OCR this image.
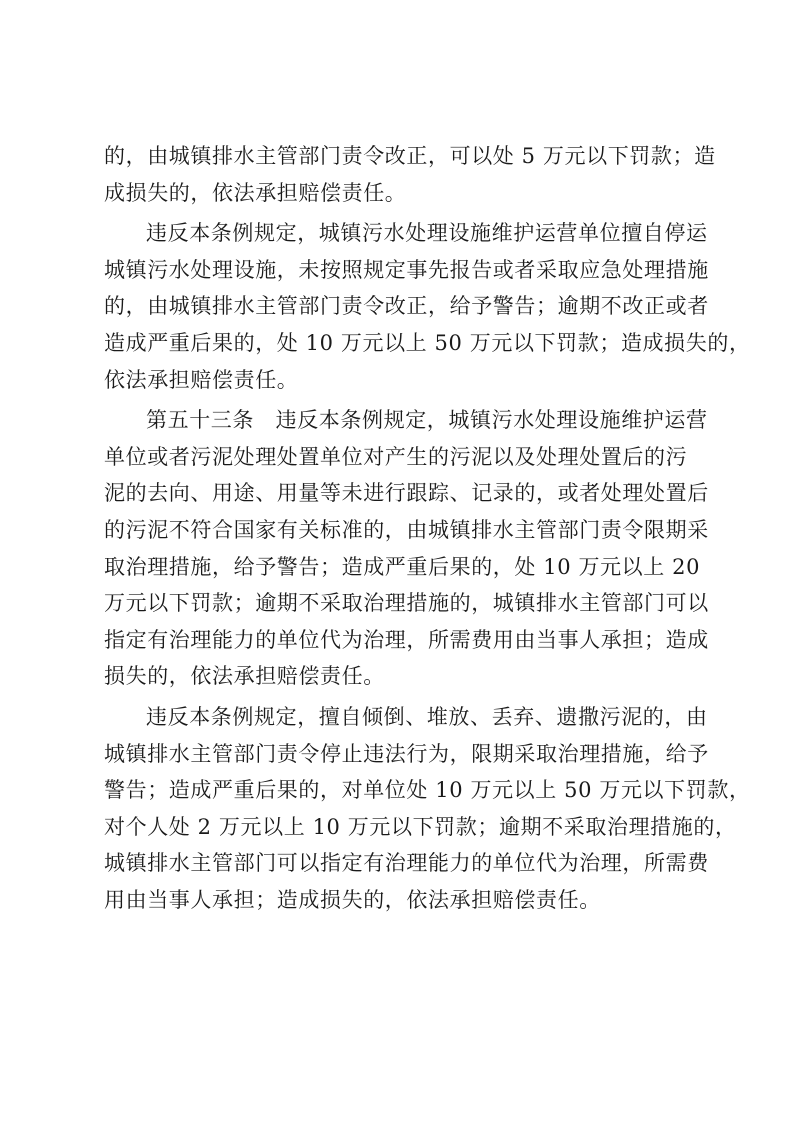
的，由城镇排水主管部门责令改正，可以处 5 万元以下罚款；造
成损失的，依法承担赔偿责任。
违反本条例规定，城镇污水处理设施维护运营单位擅自停运
城镇污水处理设施，未按照规定事先报告或者采取应急处理措施
的，由城镇排水主管部门责令改正，给予警告；逾期不改正或者
造成严重后果的，处 10 万元以上 50 万元以下罚款；造成损失的，
依法承担赔偿责任。
第五十三条　违反本条例规定，城镇污水处理设施维护运营
单位或者污泥处理处置单位对产生的污泥以及处理处置后的污
泥的去向、用途、用量等未进行跟踪、记录的，或者处理处置后
的污泥不符合国家有关标准的，由城镇排水主管部门责令限期采
取治理措施，给予警告；造成严重后果的，处 10 万元以上 20
万元以下罚款；逾期不采取治理措施的，城镇排水主管部门可以
指定有治理能力的单位代为治理，所需费用由当事人承担；造成
损失的，依法承担赔偿责任。
违反本条例规定，擅自倾倒、堆放、丢弃、遗撒污泥的，由
城镇排水主管部门责令停止违法行为，限期采取治理措施，给予
警告；造成严重后果的，对单位处 10 万元以上 50 万元以下罚款，
对个人处 2 万元以上 10 万元以下罚款；逾期不采取治理措施的，
城镇排水主管部门可以指定有治理能力的单位代为治理，所需费
用由当事人承担；造成损失的，依法承担赔偿责任。
